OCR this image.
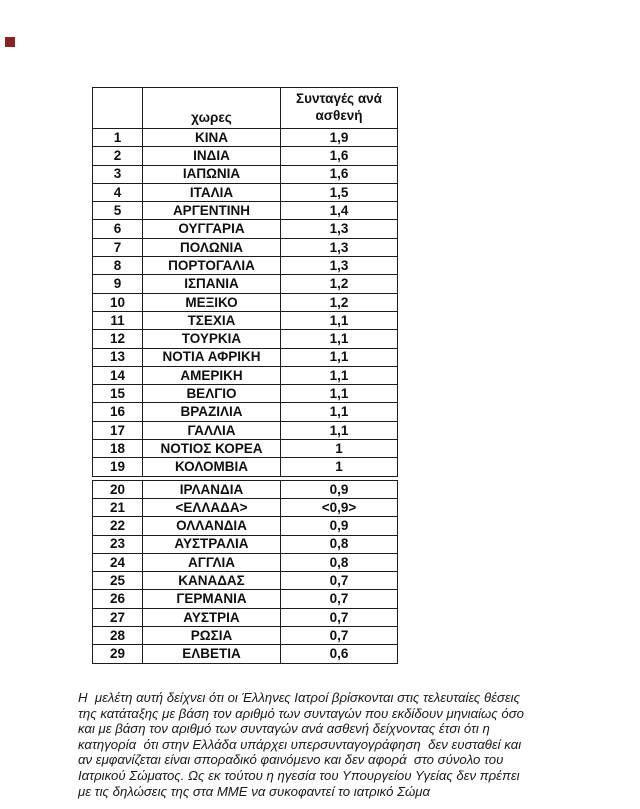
	χωρες	Συνταγές ανά ασθενή
1	ΚΙΝΑ	1,9
2	ΙΝΔΙΑ	1,6
3	ΙΑΠΩΝΙΑ	1,6
4	ΙΤΑΛΙΑ	1,5
5	ΑΡΓΕΝΤΙΝΗ	1,4
6	ΟΥΓΓΑΡΙΑ	1,3
7	ΠΟΛΩΝΙΑ	1,3
8	ΠΟΡΤΟΓΑΛΙΑ	1,3
9	ΙΣΠΑΝΙΑ	1,2
10	ΜΕΞΙΚΟ	1,2
11	ΤΣΕΧΙΑ	1,1
12	ΤΟΥΡΚΙΑ	1,1
13	ΝΟΤΙΑ ΑΦΡΙΚΗ	1,1
14	ΑΜΕΡΙΚΗ	1,1
15	ΒΕΛΓΙΟ	1,1
16	ΒΡΑΖΙΛΙΑ	1,1
17	ΓΑΛΛΙΑ	1,1
18	ΝΟΤΙΟΣ ΚΟΡΕΑ	1
19	ΚΟΛΟΜΒΙΑ	1
20	ΙΡΛΑΝΔΙΑ	0,9
21	<ΕΛΛΑΔΑ>	<0,9>
22	ΟΛΛΑΝΔΙΑ	0,9
23	ΑΥΣΤΡΑΛΙΑ	0,8
24	ΑΓΓΛΙΑ	0,8
25	ΚΑΝΑΔΑΣ	0,7
26	ΓΕΡΜΑΝΙΑ	0,7
27	ΑΥΣΤΡΙΑ	0,7
28	ΡΩΣΙΑ	0,7
29	ΕΛΒΕΤΙΑ	0,6
Η  μελέτη αυτή δείχνει ότι οι Έλληνες Ιατροί βρίσκονται στις τελευταίες θέσεις
της κατάταξης με βάση τον αριθμό των συνταγών που εκδίδουν μηνιαίως όσο
και με βάση τον αριθμό των συνταγών ανά ασθενή δείχνοντας έτσι ότι η
κατηγορία  ότι στην Ελλάδα υπάρχει υπερσυνταγογράφηση  δεν ευσταθεί και
αν εμφανίζεται είναι σποραδικό φαινόμενο και δεν αφορά  στο σύνολο του
Ιατρικού Σώματος. Ως εκ τούτου η ηγεσία του Υπουργείου Υγείας δεν πρέπει
με τις δηλώσεις της στα ΜΜΕ να συκοφαντεί το ιατρικό Σώμα
